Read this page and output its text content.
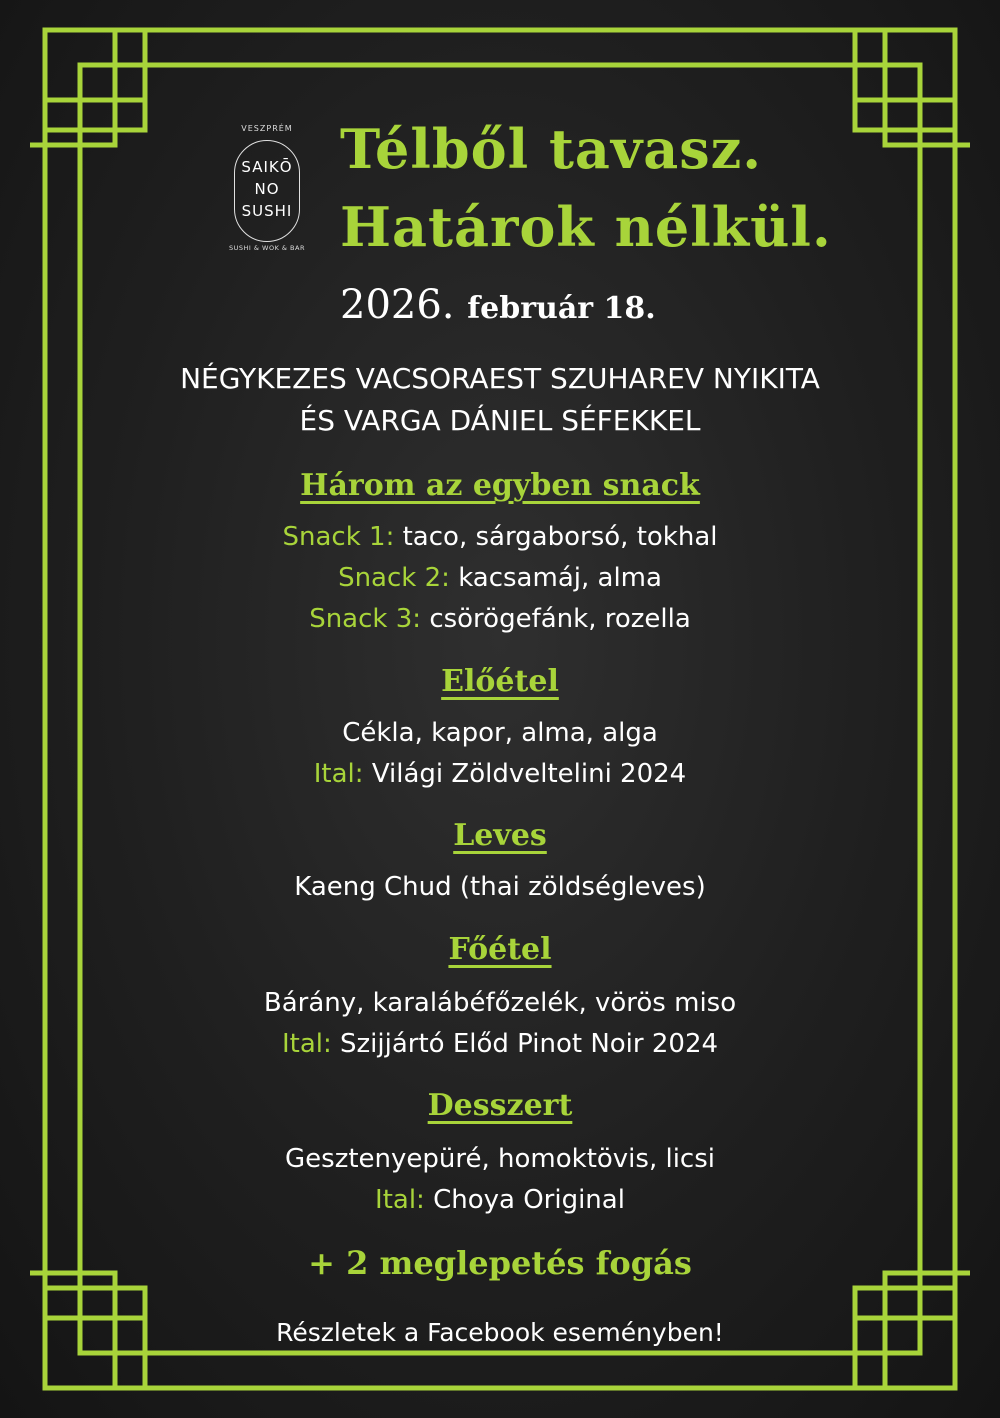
VESZPRÉM
SAIKŌ
NO
SUSHI
SUSHI & WOK & BAR
Télből tavasz.
Határok nélkül.
2026. február 18.
NÉGYKEZES VACSORAEST SZUHAREV NYIKITA
ÉS VARGA DÁNIEL SÉFEKKEL
Három az egyben snack
Snack 1: taco, sárgaborsó, tokhal
Snack 2: kacsamáj, alma
Snack 3: csörögefánk, rozella
Előétel
Cékla, kapor, alma, alga
Ital: Világi Zöldveltelini 2024
Leves
Kaeng Chud (thai zöldségleves)
Főétel
Bárány, karalábéfőzelék, vörös miso
Ital: Szijjártó Előd Pinot Noir 2024
Desszert
Gesztenyepüré, homoktövis, licsi
Ital: Choya Original
+ 2 meglepetés fogás
Részletek a Facebook eseményben!
